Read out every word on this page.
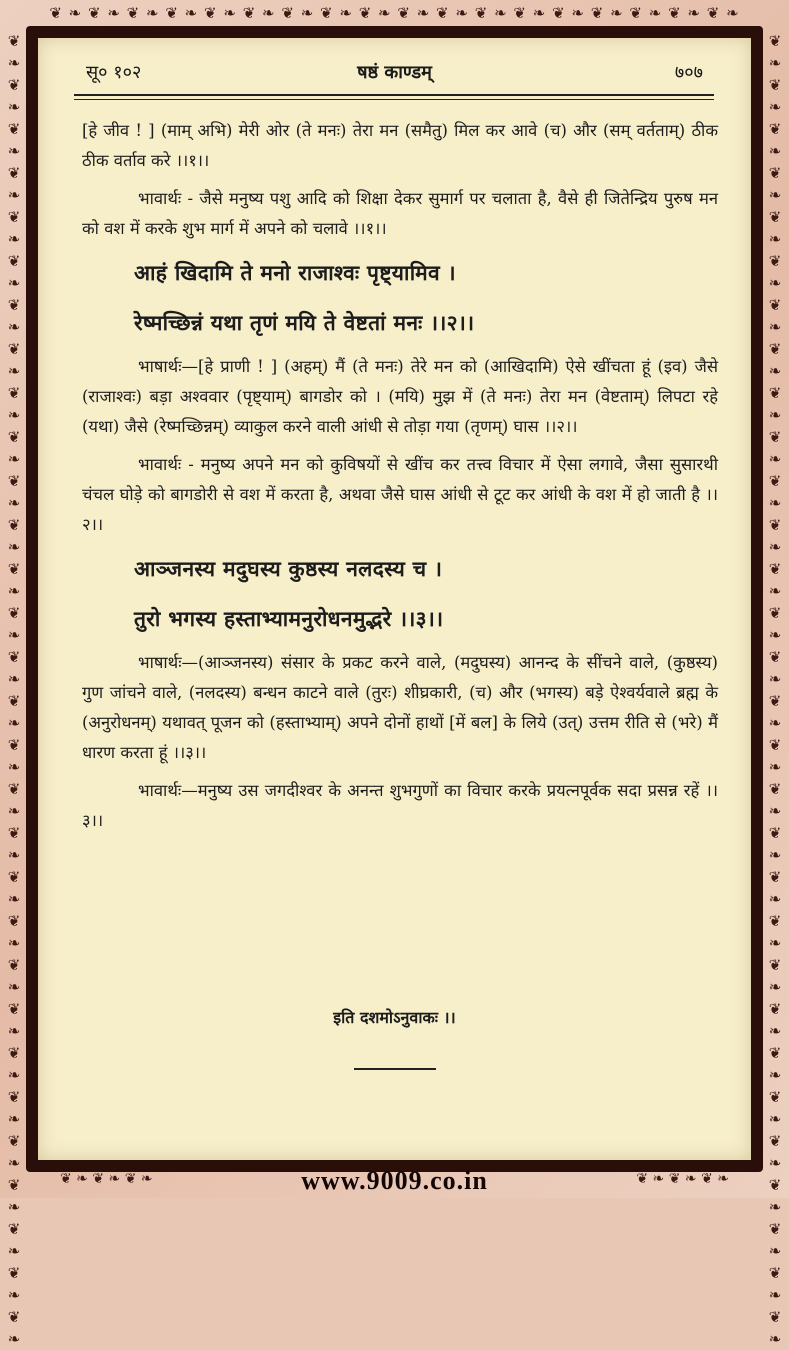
❦ ❧ ❦ ❧ ❦ ❧ ❦ ❧ ❦ ❧ ❦ ❧ ❦ ❧ ❦ ❧ ❦ ❧ ❦ ❧ ❦ ❧ ❦ ❧ ❦ ❧ ❦ ❧ ❦ ❧ ❦ ❧ ❦ ❧ ❦ ❧
❦❧❦❧❦❧❦❧❦❧❦❧❦❧❦❧❦❧❦❧❦❧❦❧❦❧❦❧❦❧❦❧❦❧❦❧❦❧❦❧❦❧❦❧❦❧❦❧❦❧❦❧❦❧❦❧❦❧❦❧
❦❧❦❧❦❧❦❧❦❧❦❧❦❧❦❧❦❧❦❧❦❧❦❧❦❧❦❧❦❧❦❧❦❧❦❧❦❧❦❧❦❧❦❧❦❧❦❧❦❧❦❧❦❧❦❧❦❧❦❧
सू० १०२	षष्ठं काण्डम्	७०७

[हे जीव ! ] (माम् अभि) मेरी ओर (ते मनः) तेरा मन (समैतु) मिल कर आवे (च) और (सम् वर्तताम्) ठीक ठीक वर्ताव करे ।।१।।

भावार्थः - जैसे मनुष्य पशु आदि को शिक्षा देकर सुमार्ग पर चलाता है, वैसे ही जितेन्द्रिय पुरुष मन को वश में करके शुभ मार्ग में अपने को चलावे ।।१।।

आहं खिदामि ते मनो राजाश्वः पृष्ट्यामिव ।
रेष्मच्छिन्नं यथा तृणं मयि ते वेष्टतां मनः ।।२।।

भाषार्थः—[हे प्राणी ! ] (अहम्) मैं (ते मनः) तेरे मन को (आखिदामि) ऐसे खींचता हूं (इव) जैसे (राजाश्वः) बड़ा अश्ववार (पृष्ट्याम्) बागडोर को । (मयि) मुझ में (ते मनः) तेरा मन (वेष्टताम्) लिपटा रहे (यथा) जैसे (रेष्मच्छिन्नम्) व्याकुल करने वाली आंधी से तोड़ा गया (तृणम्) घास ।।२।।

भावार्थः - मनुष्य अपने मन को कुविषयों से खींच कर तत्त्व विचार में ऐसा लगावे, जैसा सुसारथी चंचल घोड़े को बागडोरी से वश में करता है, अथवा जैसे घास आंधी से टूट कर आंधी के वश में हो जाती है ।।२।।

आञ्जनस्य मदुघस्य कुष्ठस्य नलदस्य च ।
तुरो भगस्य हस्ताभ्यामनुरोधनमुद्भरे ।।३।।

भाषार्थः—(आञ्जनस्य) संसार के प्रकट करने वाले, (मदुघस्य) आनन्द के सींचने वाले, (कुष्ठस्य) गुण जांचने वाले, (नलदस्य) बन्धन काटने वाले (तुरः) शीघ्रकारी, (च) और (भगस्य) बड़े ऐश्वर्यवाले ब्रह्म के (अनुरोधनम्) यथावत् पूजन को (हस्ताभ्याम्) अपने दोनों हाथों [में बल] के लिये (उत्) उत्तम रीति से (भरे) मैं धारण करता हूं ।।३।।

भावार्थः—मनुष्य उस जगदीश्वर के अनन्त शुभगुणों का विचार करके प्रयत्नपूर्वक सदा प्रसन्न रहें ।।३।।

इति दशमोऽनुवाकः ।।
❦ ❧ ❦ ❧ ❦ ❧	www.9009.co.in	❦ ❧ ❦ ❧ ❦ ❧
